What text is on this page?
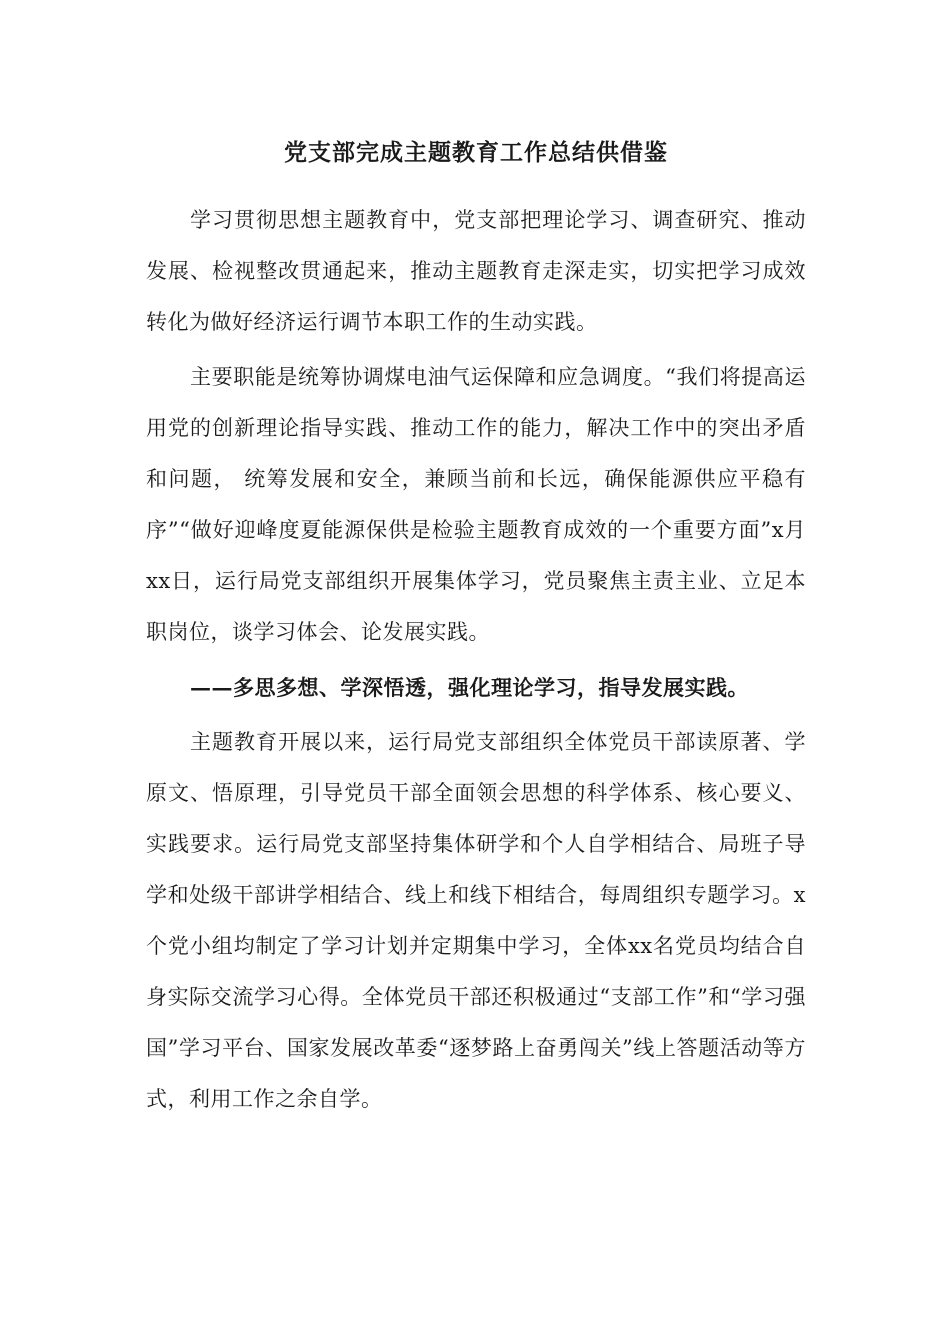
党支部完成主题教育工作总结供借鉴

学习贯彻思想主题教育中，党支部把理论学习、调查研究、推动发展、检视整改贯通起来，推动主题教育走深走实，切实把学习成效转化为做好经济运行调节本职工作的生动实践。

主要职能是统筹协调煤电油气运保障和应急调度。“我们将提高运用党的创新理论指导实践、推动工作的能力，解决工作中的突出矛盾和问题， 统筹发展和安全，兼顾当前和长远，确保能源供应平稳有序”“做好迎峰度夏能源保供是检验主题教育成效的一个重要方面”x月xx日，运行局党支部组织开展集体学习，党员聚焦主责主业、立足本职岗位，谈学习体会、论发展实践。

——多思多想、学深悟透，强化理论学习，指导发展实践。

主题教育开展以来，运行局党支部组织全体党员干部读原著、学原文、悟原理，引导党员干部全面领会思想的科学体系、核心要义、实践要求。运行局党支部坚持集体研学和个人自学相结合、局班子导学和处级干部讲学相结合、线上和线下相结合，每周组织专题学习。x个党小组均制定了学习计划并定期集中学习，全体xx名党员均结合自身实际交流学习心得。全体党员干部还积极通过“支部工作”和“学习强国”学习平台、国家发展改革委“逐梦路上奋勇闯关”线上答题活动等方式，利用工作之余自学。
